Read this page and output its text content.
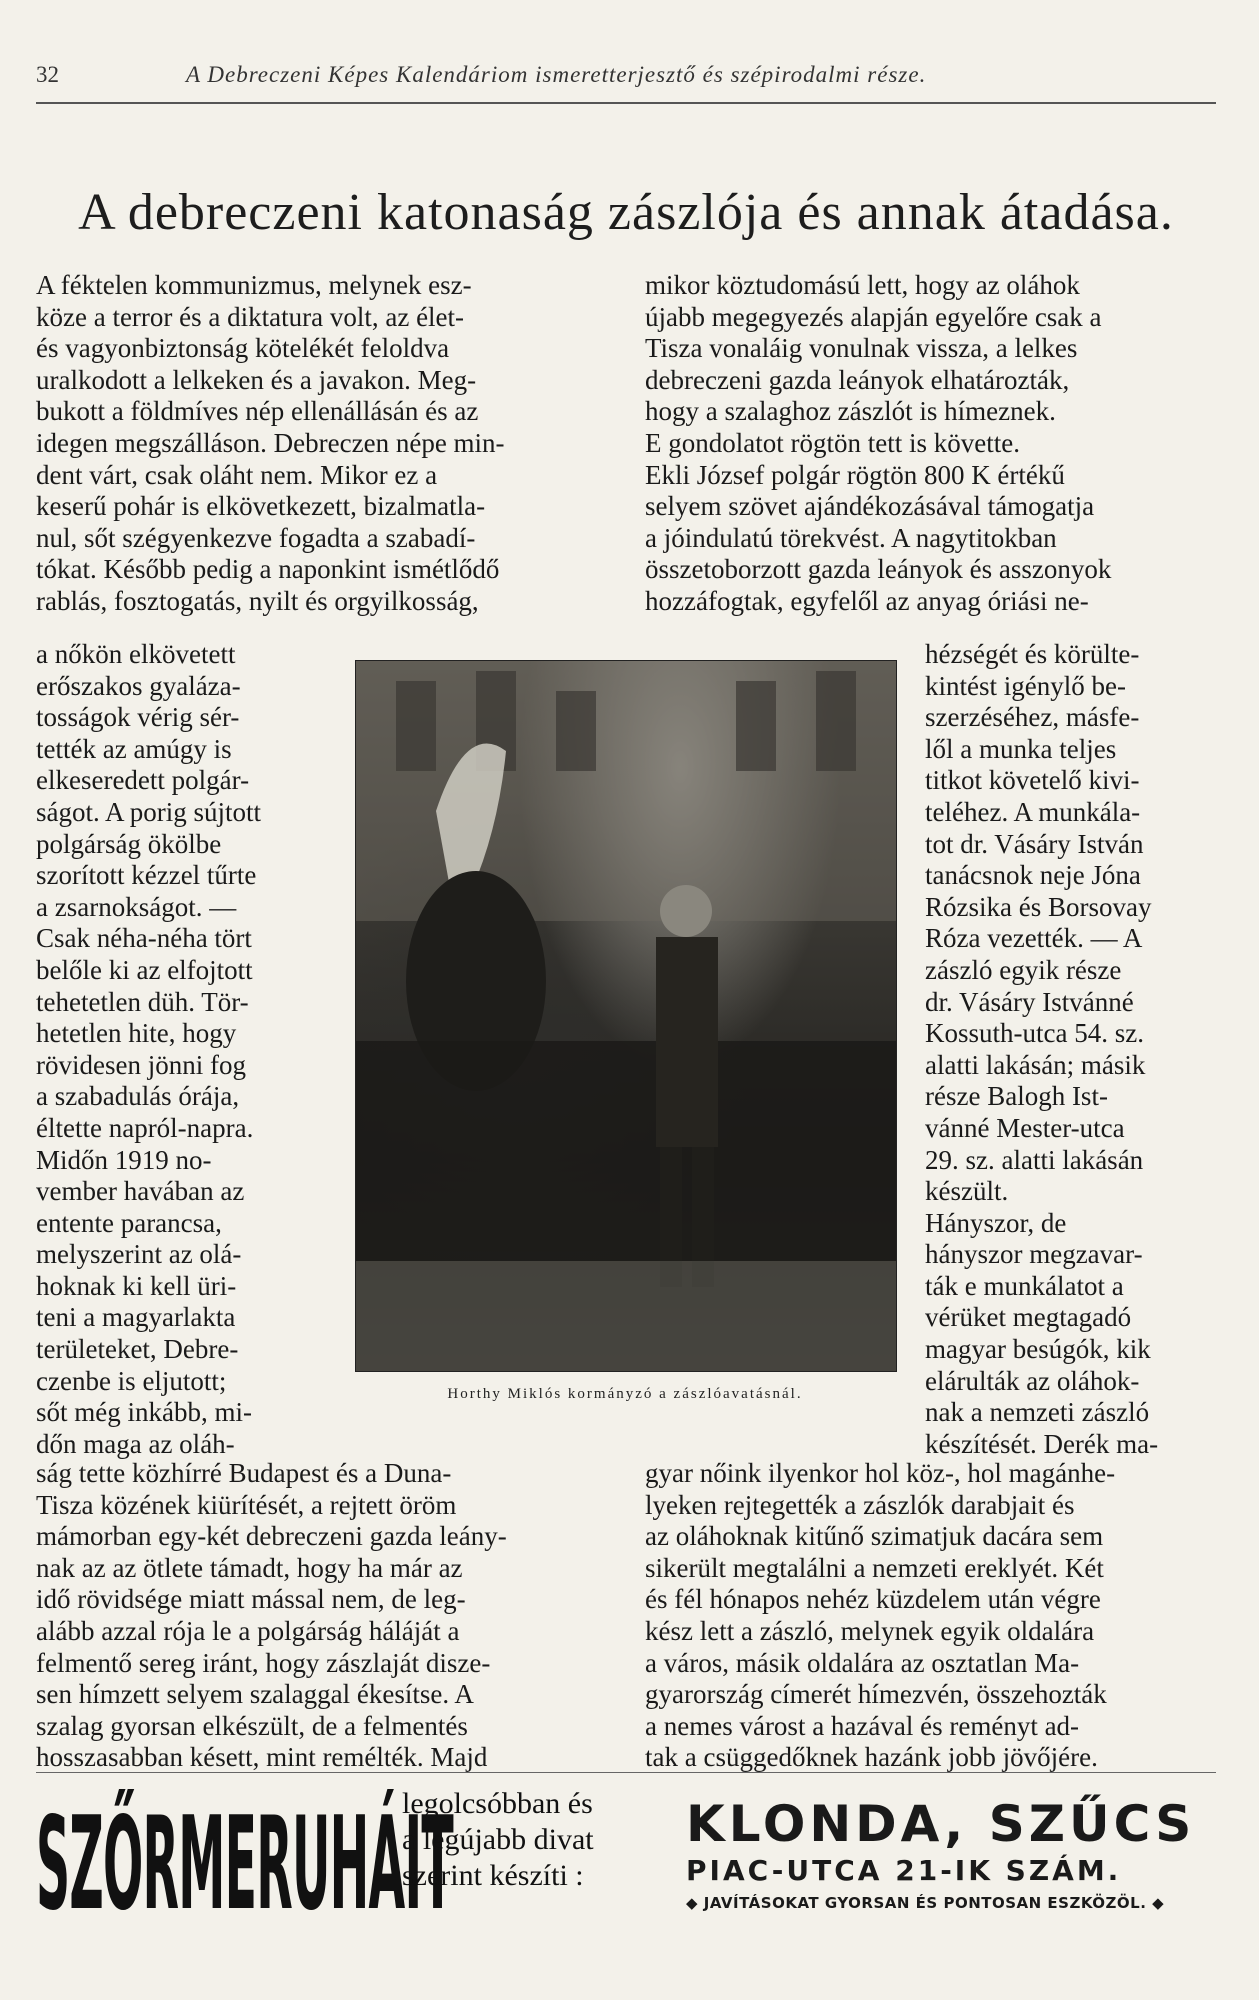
32	A Debreczeni Képes Kalendáriom ismeretterjesztő és szépirodalmi része.
A debreczeni katonaság zászlója és annak átadása.
A féktelen kommunizmus, melynek esz-
köze a terror és a diktatura volt, az élet-
és vagyonbiztonság kötelékét feloldva
uralkodott a lelkeken és a javakon. Meg-
bukott a földmíves nép ellenállásán és az
idegen megszálláson. Debreczen népe min-
dent várt, csak oláht nem. Mikor ez a
keserű pohár is elkövetkezett, bizalmatla-
nul, sőt szégyenkezve fogadta a szabadí-
tókat. Később pedig a naponkint ismétlődő
rablás, fosztogatás, nyilt és orgyilkosság,
a nőkön elkövetett
erőszakos gyaláza-
tosságok vérig sér-
tették az amúgy is
elkeseredett polgár-
ságot. A porig sújtott
polgárság ökölbe
szorított kézzel tűrte
a zsarnokságot. —
Csak néha-néha tört
belőle ki az elfojtott
tehetetlen düh. Tör-
hetetlen hite, hogy
rövidesen jönni fog
a szabadulás órája,
éltette napról-napra.
Midőn 1919 no-
vember havában az
entente parancsa,
melyszerint az olá-
hoknak ki kell üri-
teni a magyarlakta
területeket, Debre-
czenbe is eljutott;
sőt még inkább, mi-
dőn maga az oláh-
ság tette közhírré Budapest és a Duna-
Tisza közének kiürítését, a rejtett öröm
mámorban egy-két debreczeni gazda leány-
nak az az ötlete támadt, hogy ha már az
idő rövidsége miatt mással nem, de leg-
alább azzal rója le a polgárság háláját a
felmentő sereg iránt, hogy zászlaját disze-
sen hímzett selyem szalaggal ékesítse. A
szalag gyorsan elkészült, de a felmentés
hosszasabban késett, mint remélték. Majd
mikor köztudomású lett, hogy az oláhok
újabb megegyezés alapján egyelőre csak a
Tisza vonaláig vonulnak vissza, a lelkes
debreczeni gazda leányok elhatározták,
hogy a szalaghoz zászlót is hímeznek.
E gondolatot rögtön tett is követte.
Ekli József polgár rögtön 800 K értékű
selyem szövet ajándékozásával támogatja
a jóindulatú törekvést. A nagytitokban
összetoborzott gazda leányok és asszonyok
hozzáfogtak, egyfelől az anyag óriási ne-
hézségét és körülte-
kintést igénylő be-
szerzéséhez, másfe-
lől a munka teljes
titkot követelő kivi-
teléhez. A munkála-
tot dr. Vásáry István
tanácsnok neje Jóna
Rózsika és Borsovay
Róza vezették. — A
zászló egyik része
dr. Vásáry Istvánné
Kossuth-utca 54. sz.
alatti lakásán; másik
része Balogh Ist-
vánné Mester-utca
29. sz. alatti lakásán
készült.
Hányszor, de
hányszor megzavar-
ták e munkálatot a
vérüket megtagadó
magyar besúgók, kik
elárulták az oláhok-
nak a nemzeti zászló
készítését. Derék ma-
gyar nőink ilyenkor hol köz-, hol magánhe-
lyeken rejtegették a zászlók darabjait és
az oláhoknak kitűnő szimatjuk dacára sem
sikerült megtalálni a nemzeti ereklyét. Két
és fél hónapos nehéz küzdelem után végre
kész lett a zászló, melynek egyik oldalára
a város, másik oldalára az osztatlan Ma-
gyarország címerét hímezvén, összehozták
a nemes várost a hazával és reményt ad-
tak a csüggedőknek hazánk jobb jövőjére.
Horthy Miklós kormányzó a zászlóavatásnál.
SZŐRMERUHÁIT
legolcsóbban és
a legújabb divat
szerint készíti :
KLONDA, SZŰCS
PIAC-UTCA 21-IK SZÁM.
◆ JAVÍTÁSOKAT GYORSAN ÉS PONTOSAN ESZKÖZÖL. ◆
